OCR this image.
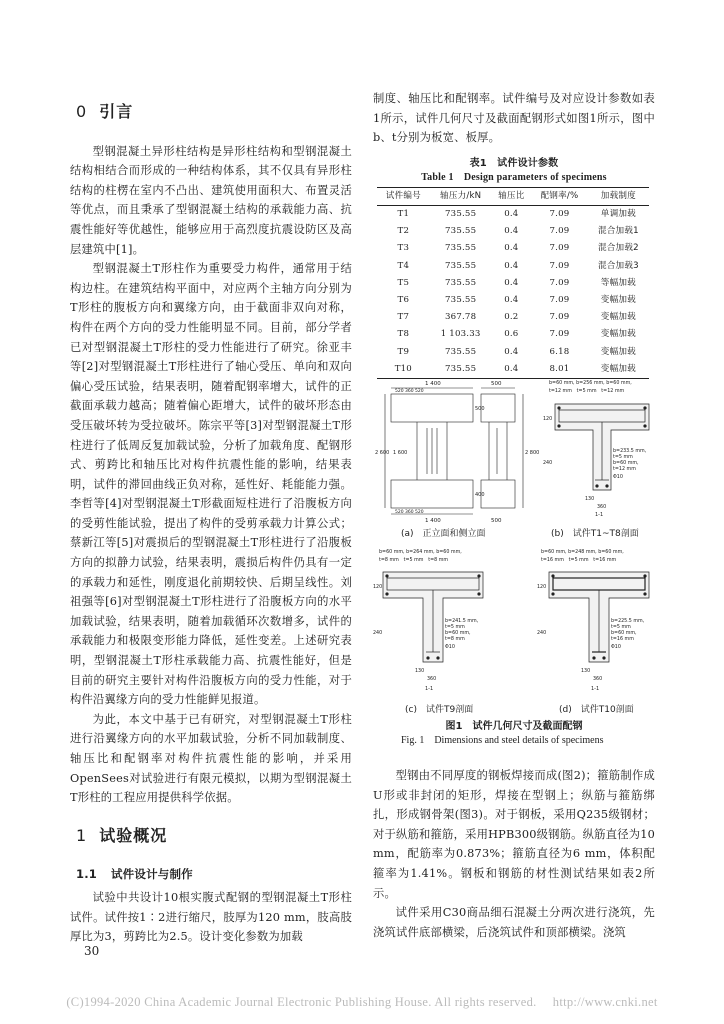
0 引言

型钢混凝土异形柱结构是异形柱结构和型钢混凝土结构相结合而形成的一种结构体系，其不仅具有异形柱结构的柱楞在室内不凸出、建筑使用面积大、布置灵活等优点，而且秉承了型钢混凝土结构的承载能力高、抗震性能好等优越性，能够应用于高烈度抗震设防区及高层建筑中[1]。

型钢混凝土T形柱作为重要受力构件，通常用于结构边柱。在建筑结构平面中，对应两个主轴方向分别为T形柱的腹板方向和翼缘方向，由于截面非双向对称，构件在两个方向的受力性能明显不同。目前，部分学者已对型钢混凝土T形柱的受力性能进行了研究。徐亚丰等[2]对型钢混凝土T形柱进行了轴心受压、单向和双向偏心受压试验，结果表明，随着配钢率增大，试件的正截面承载力越高；随着偏心距增大，试件的破坏形态由受压破坏转为受拉破坏。陈宗平等[3]对型钢混凝土T形柱进行了低周反复加载试验，分析了加载角度、配钢形式、剪跨比和轴压比对构件抗震性能的影响，结果表明，试件的滞回曲线正负对称，延性好、耗能能力强。李哲等[4]对型钢混凝土T形截面短柱进行了沿腹板方向的受剪性能试验，提出了构件的受剪承载力计算公式；蔡新江等[5]对震损后的型钢混凝土T形柱进行了沿腹板方向的拟静力试验，结果表明，震损后构件仍具有一定的承载力和延性，刚度退化前期较快、后期呈线性。刘祖强等[6]对型钢混凝土T形柱进行了沿腹板方向的水平加载试验，结果表明，随着加载循环次数增多，试件的承载能力和极限变形能力降低，延性变差。上述研究表明，型钢混凝土T形柱承载能力高、抗震性能好，但是目前的研究主要针对构件沿腹板方向的受力性能，对于构件沿翼缘方向的受力性能鲜见报道。

为此，本文中基于已有研究，对型钢混凝土T形柱进行沿翼缘方向的水平加载试验，分析不同加载制度、轴压比和配钢率对构件抗震性能的影响，并采用OpenSees对试验进行有限元模拟，以期为型钢混凝土T形柱的工程应用提供科学依据。

1 试验概况
1.1 试件设计与制作

试验中共设计10根实腹式配钢的型钢混凝土T形柱试件。试件按1∶2进行缩尺，肢厚为120 mm，肢高肢厚比为3，剪跨比为2.5。设计变化参数为加载

制度、轴压比和配钢率。试件编号及对应设计参数如表1所示，试件几何尺寸及截面配钢形式如图1所示，图中b、t分别为板宽、板厚。

表1　试件设计参数
Table 1　Design parameters of specimens
试件编号	轴压力/kN	轴压比	配钢率/%	加载制度
T1	735.55	0.4	7.09	单调加载
T2	735.55	0.4	7.09	混合加载1
T3	735.55	0.4	7.09	混合加载2
T4	735.55	0.4	7.09	混合加载3
T5	735.55	0.4	7.09	等幅加载
T6	735.55	0.4	7.09	变幅加载
T7	367.78	0.2	7.09	变幅加载
T8	1 103.33	0.6	7.09	变幅加载
T9	735.55	0.4	6.18	变幅加载
T10	735.55	0.4	8.01	变幅加载
1 400	500
520 360 520
520 360 520
1 400	500
2 600 1 600	2 800
500
400
b=60 mm, b=256 mm, b=60 mm,
t=12 mm　t=5 mm　t=12 mm
b=233.5 mm,
t=5 mm
b=60 mm,
t=12 mm
Φ10
120
240
130
360
1-1
b=60 mm, b=264 mm, b=60 mm,
t=8 mm　t=5 mm　t=8 mm
b=241.5 mm,
t=5 mm
b=60 mm,
t=8 mm
Φ10
120
240
130
360
1-1
b=60 mm, b=248 mm, b=60 mm,
t=16 mm　t=5 mm　t=16 mm
b=225.5 mm,
t=5 mm
b=60 mm,
t=16 mm
Φ10
120
240
130
360
1-1
(a)　正立面和侧立面	(b)　试件T1~T8剖面
(c)　试件T9剖面	(d)　试件T10剖面
图1　试件几何尺寸及截面配钢
Fig. 1　Dimensions and steel details of specimens

型钢由不同厚度的钢板焊接而成(图2)；箍筋制作成U形或非封闭的矩形，焊接在型钢上；纵筋与箍筋绑扎，形成钢骨架(图3)。对于钢板，采用Q235级钢材；对于纵筋和箍筋，采用HPB300级钢筋。纵筋直径为10 mm，配筋率为0.873%；箍筋直径为6 mm，体积配箍率为1.41%。钢板和钢筋的材性测试结果如表2所示。

试件采用C30商品细石混凝土分两次进行浇筑，先浇筑试件底部横梁，后浇筑试件和顶部横梁。浇筑

30
(C)1994-2020 China Academic Journal Electronic Publishing House. All rights reserved.　 http://www.cnki.net
